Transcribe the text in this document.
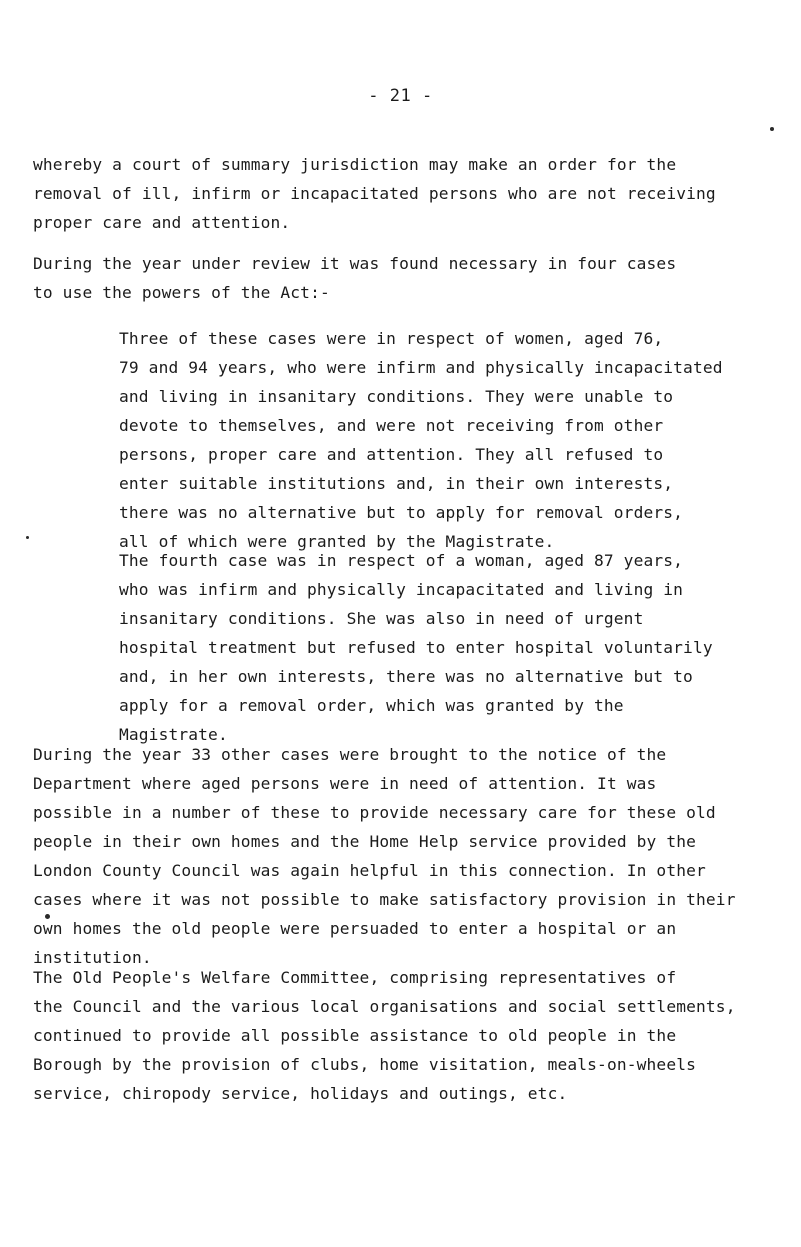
- 21 -

whereby a court of summary jurisdiction may make an order for the
removal of ill, infirm or incapacitated persons who are not receiving
proper care and attention.

During the year under review it was found necessary in four cases
to use the powers of the Act:-

Three of these cases were in respect of women, aged 76,
79 and 94 years, who were infirm and physically incapacitated
and living in insanitary conditions. They were unable to
devote to themselves, and were not receiving from other
persons, proper care and attention. They all refused to
enter suitable institutions and, in their own interests,
there was no alternative but to apply for removal orders,
all of which were granted by the Magistrate.

The fourth case was in respect of a woman, aged 87 years,
who was infirm and physically incapacitated and living in
insanitary conditions. She was also in need of urgent
hospital treatment but refused to enter hospital voluntarily
and, in her own interests, there was no alternative but to
apply for a removal order, which was granted by the
Magistrate.

During the year 33 other cases were brought to the notice of the
Department where aged persons were in need of attention. It was
possible in a number of these to provide necessary care for these old
people in their own homes and the Home Help service provided by the
London County Council was again helpful in this connection. In other
cases where it was not possible to make satisfactory provision in their
own homes the old people were persuaded to enter a hospital or an
institution.

The Old People's Welfare Committee, comprising representatives of
the Council and the various local organisations and social settlements,
continued to provide all possible assistance to old people in the
Borough by the provision of clubs, home visitation, meals-on-wheels
service, chiropody service, holidays and outings, etc.
